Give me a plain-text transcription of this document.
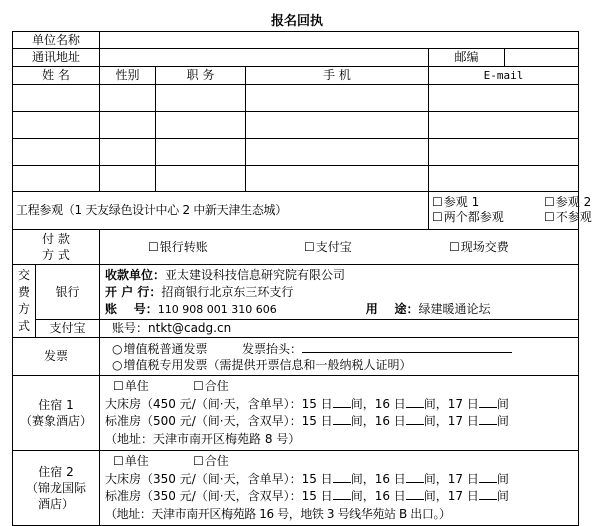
报名回执
单位名称						
通讯地址					邮编	
姓 名		性别	职 务	手 机	E-mail	

工程参观（1 天友绿色设计中心 2 中新天津生态城）					☐ 参观 1 ☐ 参观 2
☐ 两个都参观 ☐ 不参观

付 款
方 式		☐ 银行转账 ☐ 支付宝 ☐ 现场交费

交
费
方
式	银行	收款单位：亚太建设科技信息研究院有限公司
开 户 行：招商银行北京东三环支行
账    号：110 908 001 310 606 用    途：绿建暖通论坛				

	支付宝	账号：ntkt@cadg.cn				
发票		○ 增值税普通发票 发票抬头：
○ 增值税专用发票（需提供开票信息和一般纳税人证明）

住宿 1
（赛象酒店）		☐ 单住 ☐ 合住
大床房（450 元/（间·天，含单早）：15 日 间，16 日 间，17 日 间
标准房（500 元/（间·天，含双早）：15 日 间，16 日 间，17 日 间
（地址：天津市南开区梅苑路 8 号）

住宿 2
（锦龙国际
酒店）		☐ 单住 ☐ 合住
大床房（350 元/（间·天，含单早）：15 日 间，16 日 间，17 日 间
标准房（350 元/（间·天，含双早）：15 日 间，16 日 间，17 日 间
（地址：天津市南开区梅苑路 16 号，地铁 3 号线华苑站 B 出口。）
